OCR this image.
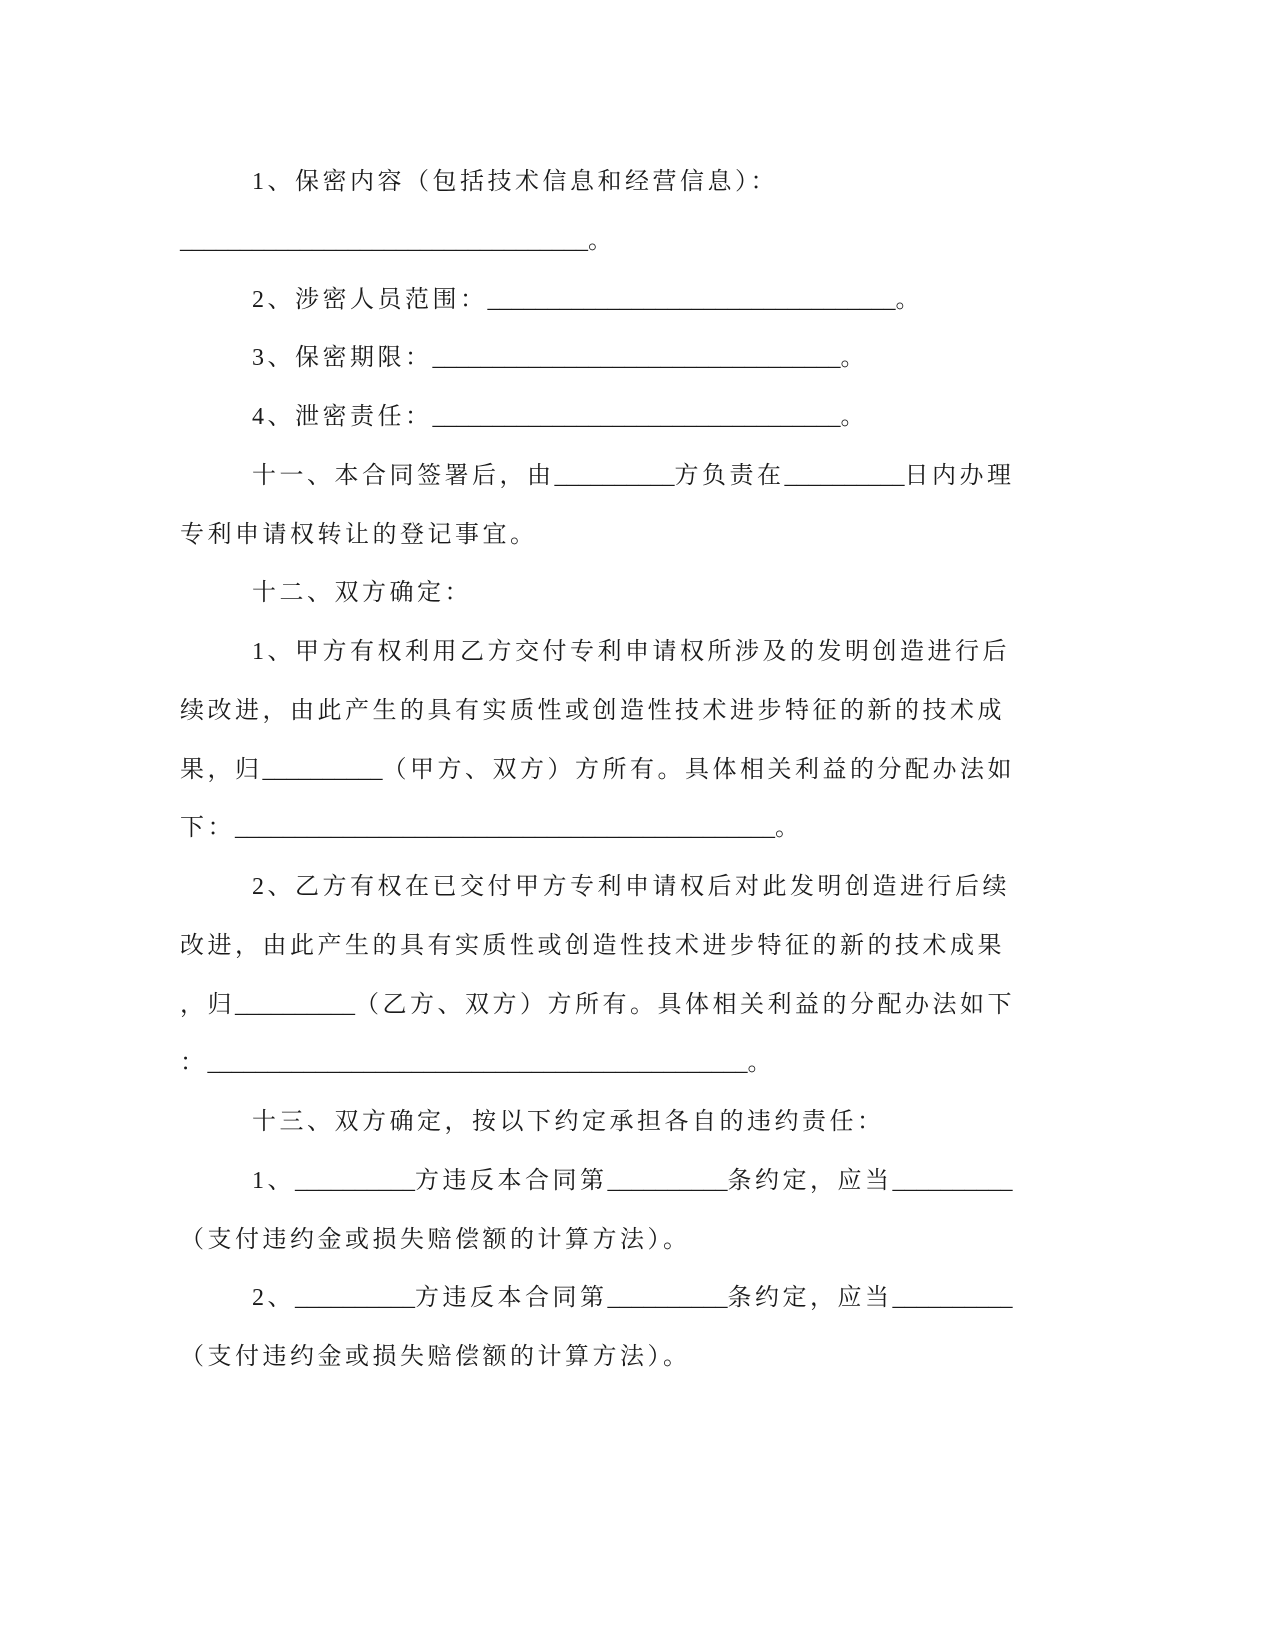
1、保密内容（包括技术信息和经营信息）：
__________________________________。
2、涉密人员范围：__________________________________。
3、保密期限：__________________________________。
4、泄密责任：__________________________________。
十一、本合同签署后，由__________方负责在__________日内办理
专利申请权转让的登记事宜。
十二、双方确定：
1、甲方有权利用乙方交付专利申请权所涉及的发明创造进行后
续改进，由此产生的具有实质性或创造性技术进步特征的新的技术成
果，归__________（甲方、双方）方所有。具体相关利益的分配办法如
下：_____________________________________________。
2、乙方有权在已交付甲方专利申请权后对此发明创造进行后续
改进，由此产生的具有实质性或创造性技术进步特征的新的技术成果
，归__________（乙方、双方）方所有。具体相关利益的分配办法如下
：_____________________________________________。
十三、双方确定，按以下约定承担各自的违约责任：
1、__________方违反本合同第__________条约定，应当__________
（支付违约金或损失赔偿额的计算方法）。
2、__________方违反本合同第__________条约定，应当__________
（支付违约金或损失赔偿额的计算方法）。
